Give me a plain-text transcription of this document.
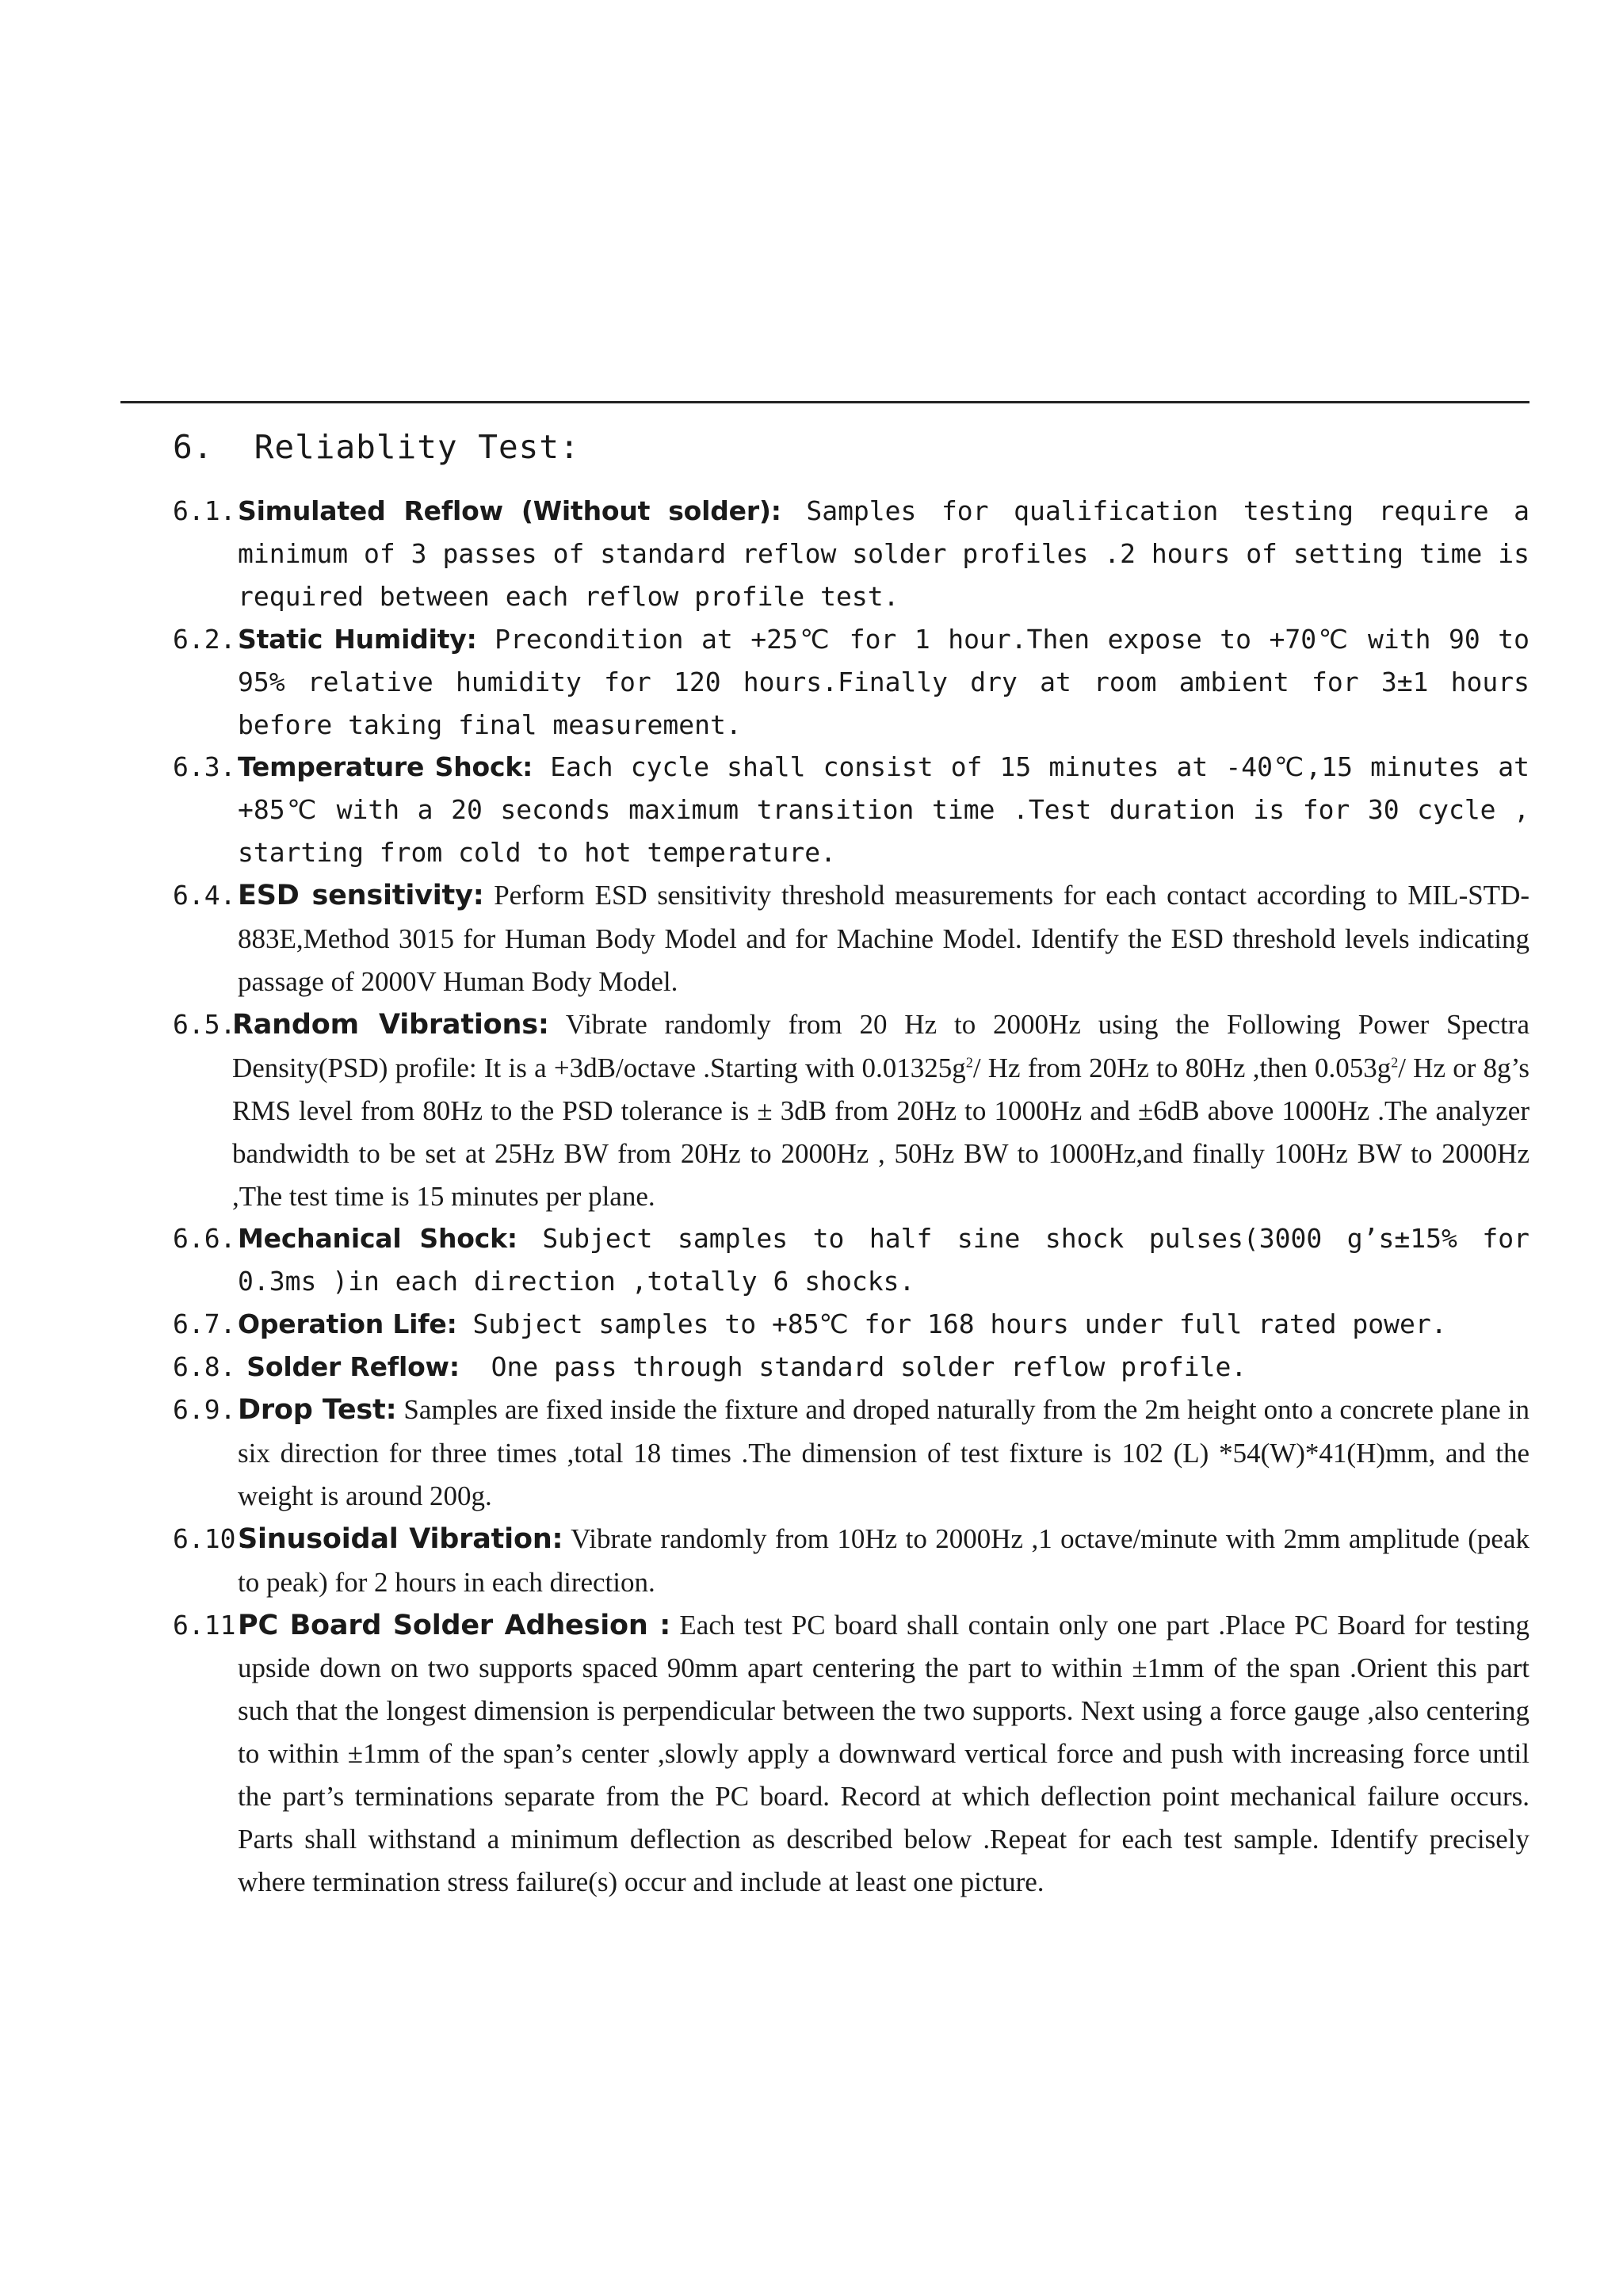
6. Reliablity Test:
6.1. Simulated Reflow (Without solder): Samples for qualification testing require a minimum of 3 passes of standard reflow solder profiles .2 hours of setting time is required between each reflow profile test.
6.2. Static Humidity: Precondition at +25℃ for 1 hour.Then expose to +70℃ with 90 to 95% relative humidity for 120 hours.Finally dry at room ambient for 3±1 hours before taking final measurement.
6.3. Temperature Shock: Each cycle shall consist of 15 minutes at -40℃,15 minutes at +85℃ with a 20 seconds maximum transition time .Test duration is for 30 cycle , starting from cold to hot temperature.
6.4. ESD sensitivity: Perform ESD sensitivity threshold measurements for each contact according to MIL-STD-883E,Method 3015 for Human Body Model and for Machine Model. Identify the ESD threshold levels indicating passage of 2000V Human Body Model.
6.5.
Random Vibrations: Vibrate randomly from 20 Hz to 2000Hz using the Following Power Spectra Density(PSD) profile: It is a +3dB/octave .Starting with $0.01325g^2/$ Hz from 20Hz to 80Hz ,then $0.053g^2/$ Hz or 8g’s RMS level from 80Hz to the PSD tolerance is ± 3dB from 20Hz to 1000Hz and ±6dB above 1000Hz .The analyzer bandwidth to be set at 25Hz BW from 20Hz to 2000Hz , 50Hz BW to 1000Hz,and finally 100Hz BW to 2000Hz ,The test time is 15 minutes per plane.
6.6. Mechanical Shock: Subject samples to half sine shock pulses(3000 g’s±15% for 0.3ms )in each direction ,totally 6 shocks.
6.7. Operation Life: Subject samples to +85℃ for 168 hours under full rated power.
6.8. Solder Reflow:  One pass through standard solder reflow profile.
6.9. Drop Test: Samples are fixed inside the fixture and droped naturally from the 2m height onto a concrete plane in six direction for three times ,total 18 times .The dimension of test fixture is 102 (L) *54(W)*41(H)mm, and the weight is around 200g.
6.10.
Sinusoidal Vibration: Vibrate randomly from 10Hz to 2000Hz ,1 octave/minute with 2mm amplitude (peak to peak) for 2 hours in each direction.
6.11.
PC Board Solder Adhesion : Each test PC board shall contain only one part .Place PC Board for testing upside down on two supports spaced 90mm apart centering the part to within ±1mm of the span .Orient this part such that the longest dimension is perpendicular between the two supports. Next using a force gauge ,also centering to within ±1mm of the span’s center ,slowly apply a downward vertical force and push with increasing force until the part’s terminations separate from the PC board. Record at which deflection point mechanical failure occurs. Parts shall withstand a minimum deflection as described below .Repeat for each test sample. Identify precisely where termination stress failure(s) occur and include at least one picture.
